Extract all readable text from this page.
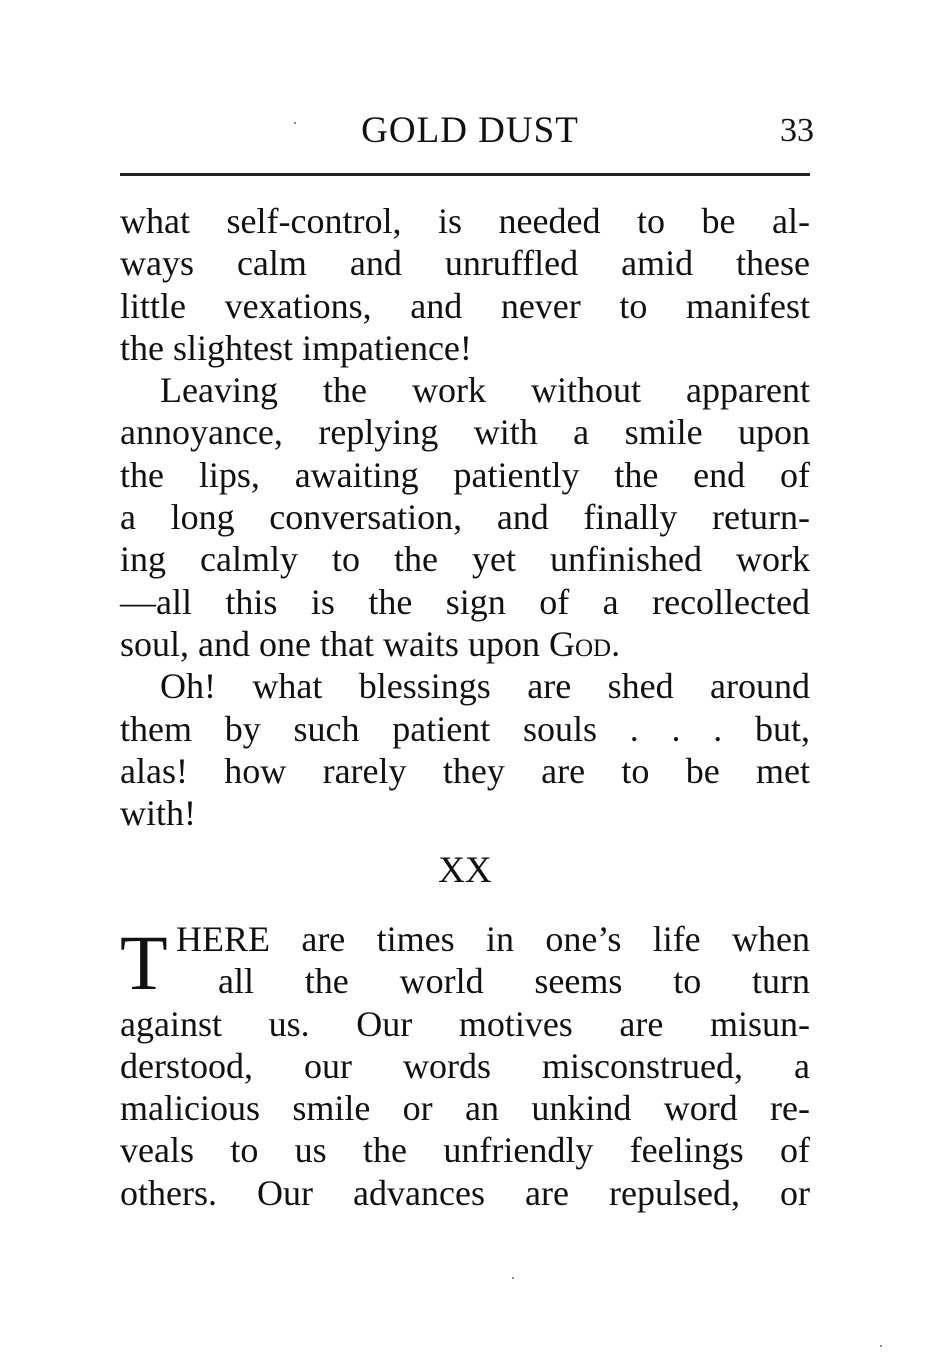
GOLD DUST	33
what self-control, is needed to be al-
ways calm and unruffled amid these
little vexations, and never to manifest
the slightest impatience!
Leaving the work without apparent
annoyance, replying with a smile upon
the lips, awaiting patiently the end of
a long conversation, and finally return-
ing calmly to the yet unfinished work
—all this is the sign of a recollected
soul, and one that waits upon God.
Oh! what blessings are shed around
them by such patient souls . . . but,
alas! how rarely they are to be met
with!
XX
T HERE are times in one’s life when
all the world seems to turn
against us. Our motives are misun-
derstood, our words misconstrued, a
malicious smile or an unkind word re-
veals to us the unfriendly feelings of
others. Our advances are repulsed, or
